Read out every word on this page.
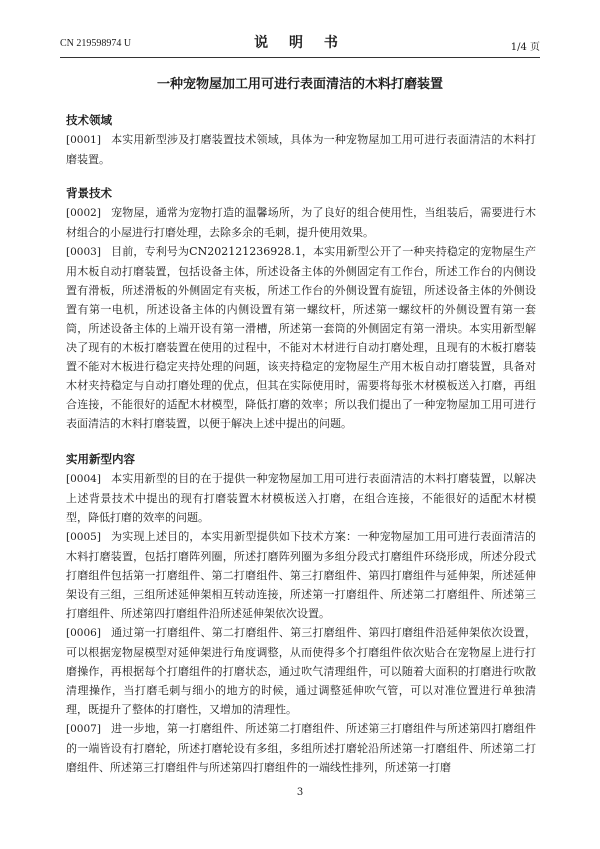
CN 219598974 U	说 明 书	1/4 页
一种宠物屋加工用可进行表面清洁的木料打磨装置
技术领域
[0001] 本实用新型涉及打磨装置技术领域，具体为一种宠物屋加工用可进行表面清洁的木料打磨装置。
背景技术
[0002] 宠物屋，通常为宠物打造的温馨场所，为了良好的组合使用性，当组装后，需要进行木材组合的小屋进行打磨处理，去除多余的毛刺，提升使用效果。
[0003] 目前，专利号为CN202121236928.1，本实用新型公开了一种夹持稳定的宠物屋生产用木板自动打磨装置，包括设备主体，所述设备主体的外侧固定有工作台，所述工作台的内侧设置有滑板，所述滑板的外侧固定有夹板，所述工作台的外侧设置有旋钮，所述设备主体的外侧设置有第一电机，所述设备主体的内侧设置有第一螺纹杆，所述第一螺纹杆的外侧设置有第一套筒，所述设备主体的上端开设有第一滑槽，所述第一套筒的外侧固定有第一滑块。本实用新型解决了现有的木板打磨装置在使用的过程中，不能对木材进行自动打磨处理，且现有的木板打磨装置不能对木板进行稳定夹持处理的问题，该夹持稳定的宠物屋生产用木板自动打磨装置，具备对木材夹持稳定与自动打磨处理的优点，但其在实际使用时，需要将每张木材模板送入打磨，再组合连接，不能很好的适配木材模型，降低打磨的效率；所以我们提出了一种宠物屋加工用可进行表面清洁的木料打磨装置，以便于解决上述中提出的问题。
实用新型内容
[0004] 本实用新型的目的在于提供一种宠物屋加工用可进行表面清洁的木料打磨装置，以解决上述背景技术中提出的现有打磨装置木材模板送入打磨，在组合连接，不能很好的适配木材模型，降低打磨的效率的问题。
[0005] 为实现上述目的，本实用新型提供如下技术方案：一种宠物屋加工用可进行表面清洁的木料打磨装置，包括打磨阵列圈，所述打磨阵列圈为多组分段式打磨组件环绕形成，所述分段式打磨组件包括第一打磨组件、第二打磨组件、第三打磨组件、第四打磨组件与延伸架，所述延伸架设有三组，三组所述延伸架相互转动连接，所述第一打磨组件、所述第二打磨组件、所述第三打磨组件、所述第四打磨组件沿所述延伸架依次设置。
[0006] 通过第一打磨组件、第二打磨组件、第三打磨组件、第四打磨组件沿延伸架依次设置，可以根据宠物屋模型对延伸架进行角度调整，从而使得多个打磨组件依次贴合在宠物屋上进行打磨操作，再根据每个打磨组件的打磨状态，通过吹气清理组件，可以随着大面积的打磨进行吹散清理操作，当打磨毛刺与细小的地方的时候，通过调整延伸吹气管，可以对准位置进行单独清理，既提升了整体的打磨性，又增加的清理性。
[0007] 进一步地，第一打磨组件、所述第二打磨组件、所述第三打磨组件与所述第四打磨组件的一端皆设有打磨轮，所述打磨轮设有多组，多组所述打磨轮沿所述第一打磨组件、所述第二打磨组件、所述第三打磨组件与所述第四打磨组件的一端线性排列，所述第一打磨
3
